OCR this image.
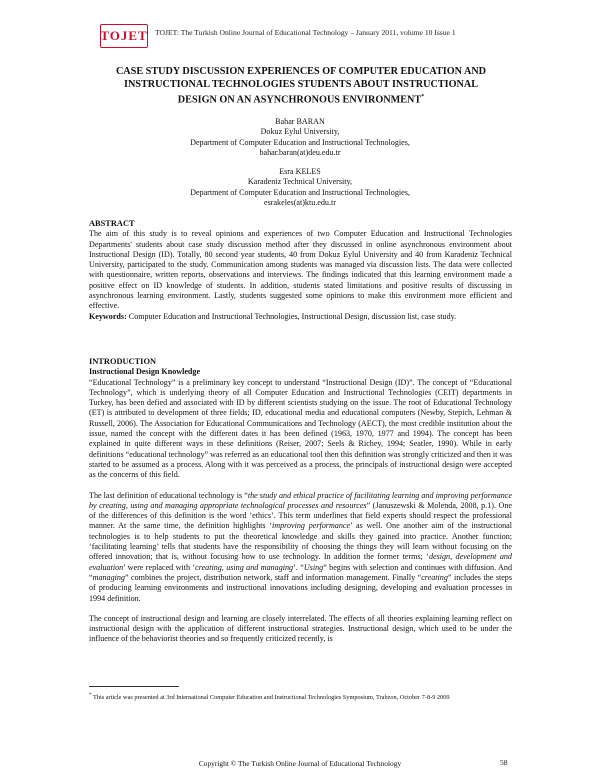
TOJET TOJET: The Turkish Online Journal of Educational Technology – January 2011, volume 10 Issue 1
CASE STUDY DISCUSSION EXPERIENCES OF COMPUTER EDUCATION AND
INSTRUCTIONAL TECHNOLOGIES STUDENTS ABOUT INSTRUCTIONAL
DESIGN ON AN ASYNCHRONOUS ENVIRONMENT*
Bahar BARAN
Dokuz Eylul University,
Department of Computer Education and Instructional Technologies,
bahar.baran(at)deu.edu.tr
Esra KELES
Karadeniz Technical University,
Department of Computer Education and Instructional Technologies,
esrakeles(at)ktu.edu.tr

ABSTRACT

The aim of this study is to reveal opinions and experiences of two Computer Education and Instructional Technologies Departments' students about case study discussion method after they discussed in online asynchronous environment about Instructional Design (ID). Totally, 80 second year students, 40 from Dokuz Eylul University and 40 from Karadeniz Technical University, participated to the study. Communication among students was managed via discussion lists. The data were collected with questionnaire, written reports, observations and interviews. The findings indicated that this learning environment made a positive effect on ID knowledge of students. In addition, students stated limitations and positive results of discussing in asynchronous learning environment. Lastly, students suggested some opinions to make this environment more efficient and effective.

Keywords: Computer Education and Instructional Technologies, Instructional Design, discussion list, case study.

INTRODUCTION

Instructional Design Knowledge

“Educational Technology” is a preliminary key concept to understand “Instructional Design (ID)”. The concept of “Educational Technology”, which is underlying theory of all Computer Education and Instructional Technologies (CEIT) departments in Turkey, has been defied and associated with ID by different scientists studying on the issue. The root of Educational Technology (ET) is attributed to development of three fields; ID, educational media and educational computers (Newby, Stepich, Lehman & Russell, 2006). The Association for Educational Communications and Technology (AECT), the most credible institution about the issue, named the concept with the different dates it has been defined (1963, 1970, 1977 and 1994). The concept has been explained in quite different ways in these definitions (Reiser, 2007; Seels & Richey, 1994; Seatler, 1990). While in early definitions “educational technology” was referred as an educational tool then this definition was strongly criticized and then it was started to be assumed as a process. Along with it was perceived as a process, the principals of instructional design were accepted as the concerns of this field.

The last definition of educational technology is “the study and ethical practice of facilitating learning and improving performance by creating, using and managing appropriate technological processes and resources” (Januszewski & Molenda, 2008, p.1). One of the differences of this definition is the word ‘ethics’. This term underlines that field experts should respect the professional manner. At the same time, the definition highlights ‘improving performance’ as well. One another aim of the instructional technologies is to help students to put the theoretical knowledge and skills they gained into practice. Another function; ‘facilitating learning’ tells that students have the responsibility of choosing the things they will learn without focusing on the offered innovation; that is, without focusing how to use technology. In addition the former terms; ‘design, development and evaluation’ were replaced with ‘creating, using and managing’. “Using” begins with selection and continues with diffusion. And “managing” combines the project, distribution network, staff and information management. Finally “creating” includes the steps of producing learning environments and instructional innovations including designing, developing and evaluation processes in 1994 definition.

The concept of instructional design and learning are closely interrelated. The effects of all theories explaining learning reflect on instructional design with the application of different instructional strategies. Instructional design, which used to be under the influence of the behaviorist theories and so frequently criticized recently, is

* This article was presented at 3rd International Computer Education and Instructional Technologies Symposium, Trabzon, October 7-8-9 2009
Copyright © The Turkish Online Journal of Educational Technology	58
